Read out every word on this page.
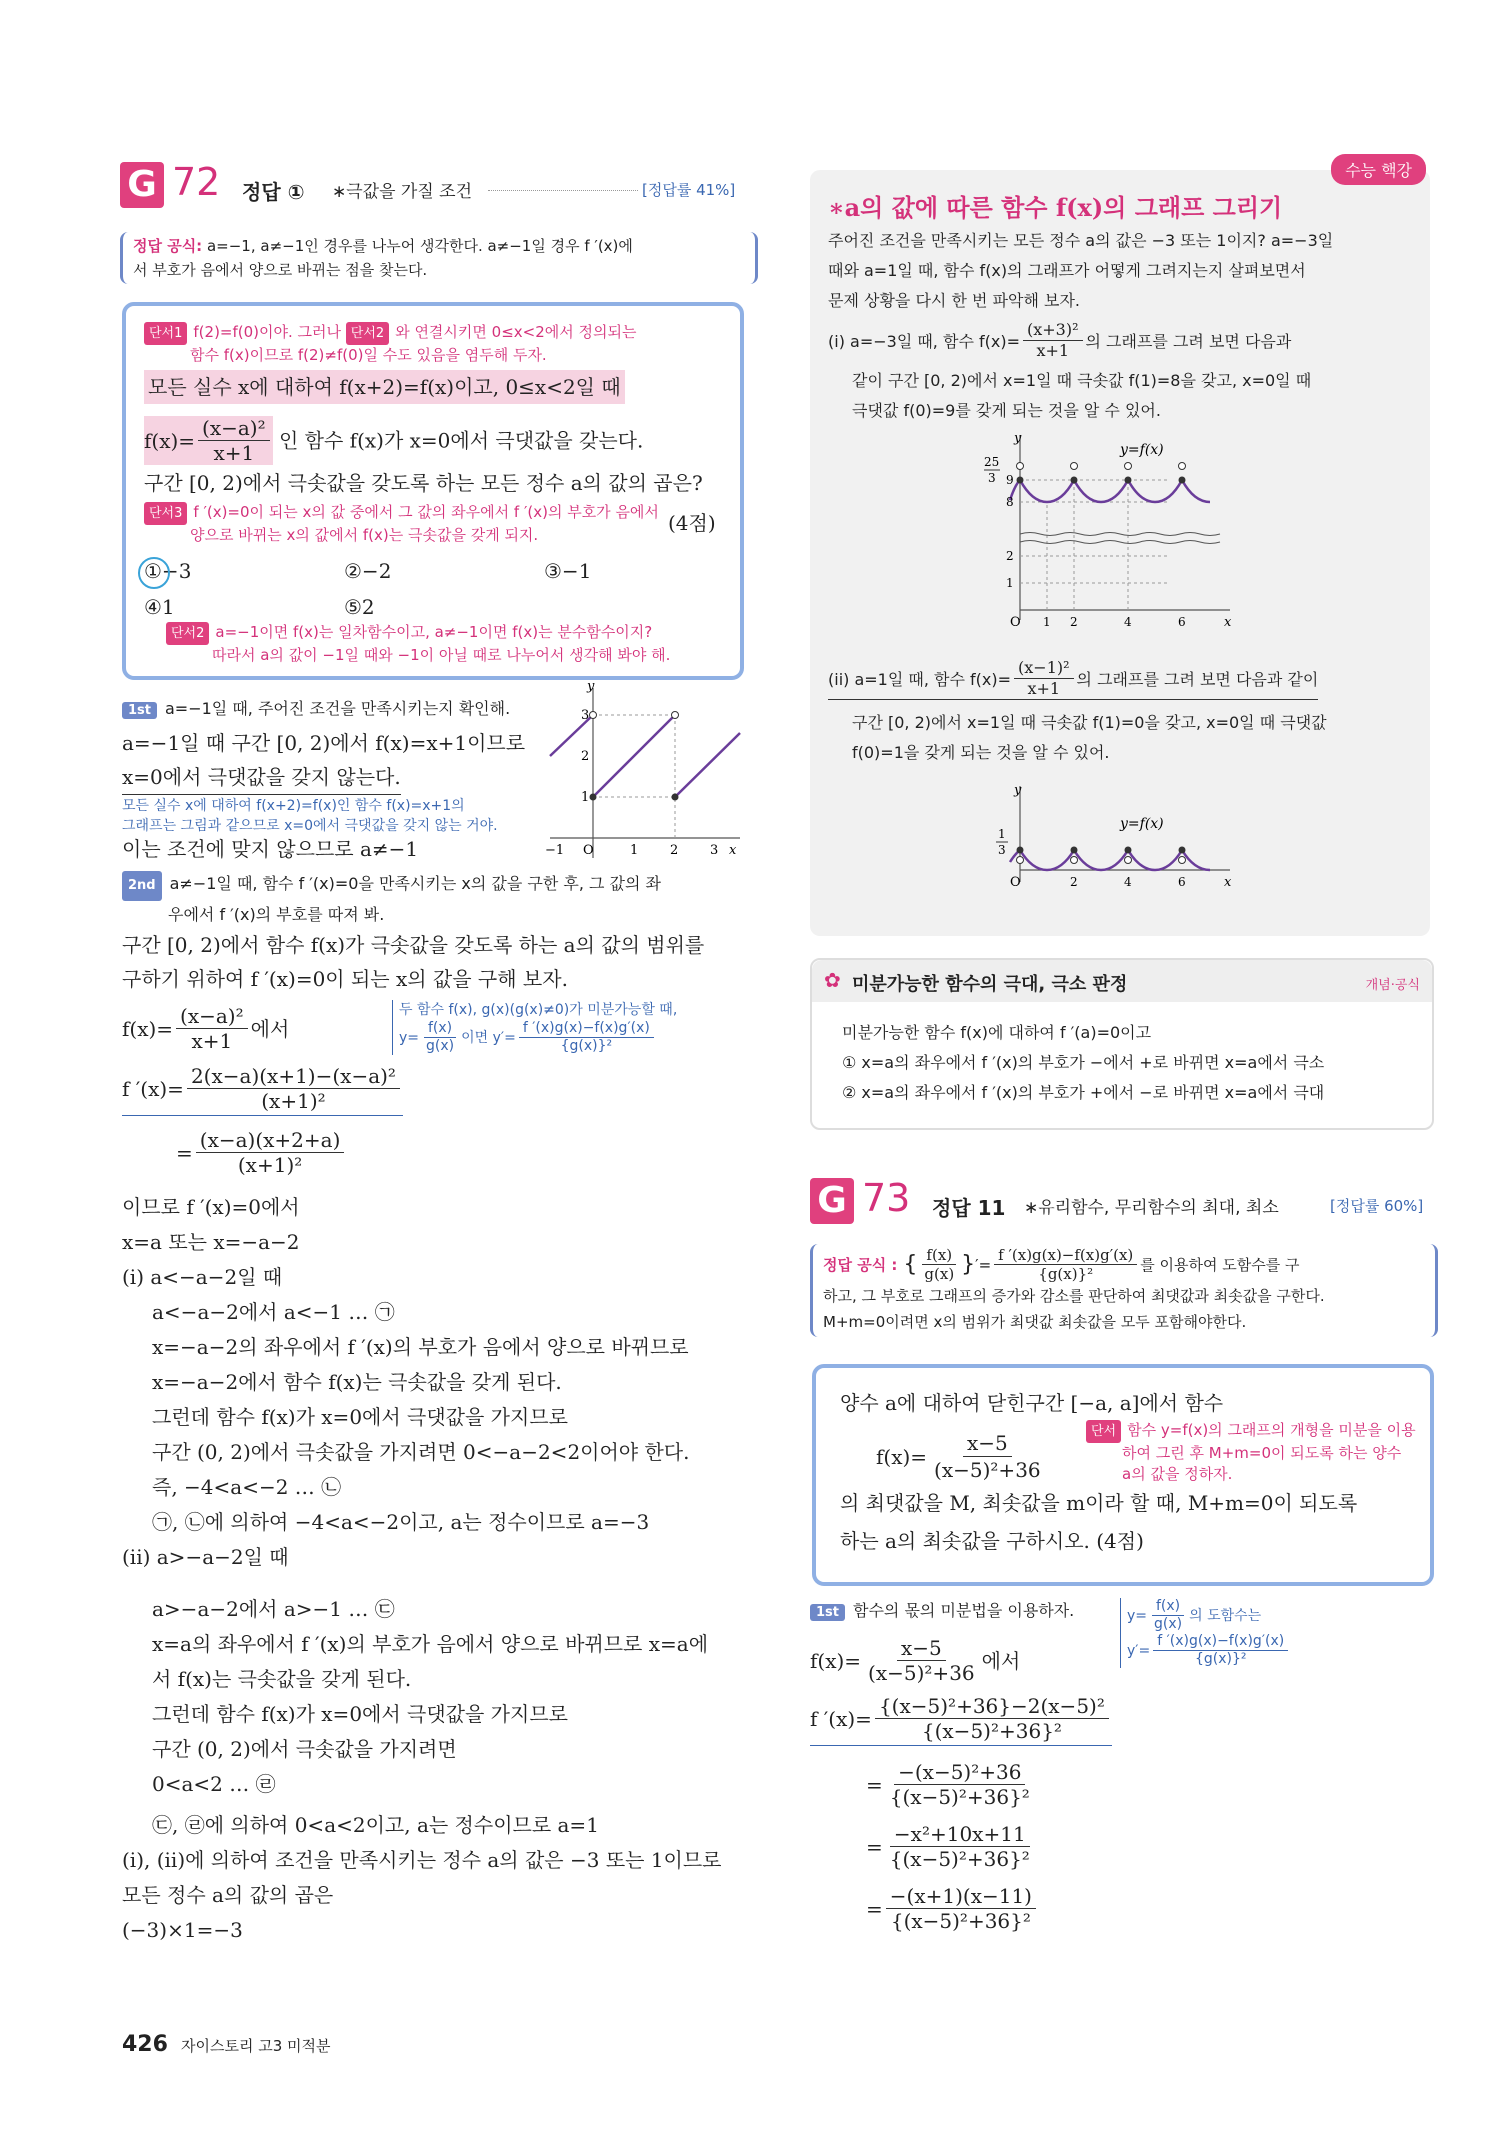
G 72 정답 ① ∗극값을 가질 조건	[정답률 41%]
정답 공식: a=−1, a≠−1인 경우를 나누어 생각한다. a≠−1일 경우 f ′(x)에
서 부호가 음에서 양으로 바뀌는 점을 찾는다.
단서1 f(2)=f(0)이야. 그러나 단서2 와 연결시키면 0≤x<2에서 정의되는
함수 f(x)이므로 f(2)≠f(0)일 수도 있음을 염두해 두자.
모든 실수 x에 대하여 f(x+2)=f(x)이고, 0≤x<2일 때
$f(x)= \frac{\text{(x−a)²}}{x+1}$ 인 함수 f(x)가 x=0에서 극댓값을 갖는다.
구간 [0, 2)에서 극솟값을 갖도록 하는 모든 정수 a의 값의 곱은?
단서3 f ′(x)=0이 되는 x의 값 중에서 그 값의 좌우에서 f ′(x)의 부호가 음에서
양으로 바뀌는 x의 값에서 f(x)는 극솟값을 갖게 되지.	(4점)
①−3	②−2	③−1
④1	⑤2
단서2 a=−1이면 f(x)는 일차함수이고, a≠−1이면 f(x)는 분수함수이지?
따라서 a의 값이 −1일 때와 −1이 아닐 때로 나누어서 생각해 봐야 해.
1st a=−1일 때, 주어진 조건을 만족시키는지 확인해.
a=−1일 때 구간 [0, 2)에서 f(x)=x+1이므로
x=0에서 극댓값을 갖지 않는다.
모든 실수 x에 대하여 f(x+2)=f(x)인 함수 f(x)=x+1의
그래프는 그림과 같으므로 x=0에서 극댓값을 갖지 않는 거야.
이는 조건에 맞지 않으므로 a≠−1
y
x
−1 O	1 2 3
1
2
3
2nd a≠−1일 때, 함수 f ′(x)=0을 만족시키는 x의 값을 구한 후, 그 값의 좌
우에서 f ′(x)의 부호를 따져 봐.
구간 [0, 2)에서 함수 f(x)가 극솟값을 갖도록 하는 a의 값의 범위를
구하기 위하여 f ′(x)=0이 되는 x의 값을 구해 보자.
$f(x)= \frac{\text{(x−a)²}}{x+1}$ 에서
두 함수 f(x), g(x)(g(x)≠0)가 미분가능할 때,

$y= \frac{f(x)}{g(x)}$ 이면 $y'= \frac{f '(x)g(x)-f(x)g'(x)}{\text{\{g(x)\}²}}$
f $'(x)= \frac{\text{2(x−a)(x+1)−(x−a)²}}{\text{(x+1)²}}$
= $\frac{(x-a)(x+2+a)}{\text{(x+1)²}}$
이므로 f ′(x)=0에서
x=a 또는 x=−a−2
(i) a<−a−2일 때
a<−a−2에서 a<−1 … ㉠
x=−a−2의 좌우에서 f ′(x)의 부호가 음에서 양으로 바뀌므로
x=−a−2에서 함수 f(x)는 극솟값을 갖게 된다.
그런데 함수 f(x)가 x=0에서 극댓값을 가지므로
구간 (0, 2)에서 극솟값을 가지려면 0<−a−2<2이어야 한다.
즉, −4<a<−2 … ㉡
㉠, ㉡에 의하여 −4<a<−2이고, a는 정수이므로 a=−3
(ii) a>−a−2일 때
a>−a−2에서 a>−1 … ㉢
x=a의 좌우에서 f ′(x)의 부호가 음에서 양으로 바뀌므로 x=a에
서 f(x)는 극솟값을 갖게 된다.
그런데 함수 f(x)가 x=0에서 극댓값을 가지므로
구간 (0, 2)에서 극솟값을 가지려면
0<a<2 … ㉣
㉢, ㉣에 의하여 0<a<2이고, a는 정수이므로 a=1
(i), (ii)에 의하여 조건을 만족시키는 정수 a의 값은 −3 또는 1이므로
모든 정수 a의 값의 곱은
(−3)×1=−3
426 자이스토리 고3 미적분
수능 핵강
∗a의 값에 따른 함수 f(x)의 그래프 그리기
주어진 조건을 만족시키는 모든 정수 a의 값은 −3 또는 1이지? a=−3일
때와 a=1일 때, 함수 f(x)의 그래프가 어떻게 그려지는지 살펴보면서
문제 상황을 다시 한 번 파악해 보자.
(i) a=−3일 때, 함수 $f(x)= \frac{\text{(x+3)²}}{x+1}$ 의 그래프를 그려 보면 다음과
같이 구간 [0, 2)에서 x=1일 때 극솟값 f(1)=8을 갖고, x=0일 때
극댓값 f(0)=9를 갖게 되는 것을 알 수 있어.
y
x
y=f(x)
25
3 9
8
2
1
O 1 2	4	6
(ii) a=1일 때, 함수 $f(x)= \frac{\text{(x−1)²}}{x+1}$ 의 그래프를 그려 보면 다음과 같이
구간 [0, 2)에서 x=1일 때 극솟값 f(1)=0을 갖고, x=0일 때 극댓값
f(0)=1을 갖게 되는 것을 알 수 있어.
y
x
y=f(x)
1
3
O	2	4	6
✿ 미분가능한 함수의 극대, 극소 판정	개념·공식
미분가능한 함수 f(x)에 대하여 f ′(a)=0이고
① x=a의 좌우에서 f ′(x)의 부호가 −에서 +로 바뀌면 x=a에서 극소
② x=a의 좌우에서 f ′(x)의 부호가 +에서 −로 바뀌면 x=a에서 극대
G 73 정답 11 ∗유리함수, 무리함수의 최대, 최소	[정답률 60%]
정답 공식 : { $\frac{f(x)}{g(x)}$ } ′= $\frac{f '(x)g(x)-f(x)g'(x)}{\text{\{g(x)\}²}}$ 를 이용하여 도함수를 구
하고, 그 부호로 그래프의 증가와 감소를 판단하여 최댓값과 최솟값을 구한다.
M+m=0이려면 x의 범위가 최댓값 최솟값을 모두 포함해야한다.
양수 a에 대하여 닫힌구간 [−a, a]에서 함수
$f(x)= \frac{x-5}{\text{(x−5)²+36}}$	단서 함수 y=f(x)의 그래프의 개형을 미분을 이용
하여 그린 후 M+m=0이 되도록 하는 양수
a의 값을 정하자.
의 최댓값을 M, 최솟값을 m이라 할 때, M+m=0이 되도록
하는 a의 최솟값을 구하시오. (4점)
1st 함수의 몫의 미분법을 이용하자.	$y= \frac{f(x)}{g(x)}$ 의 도함수는

$y'= \frac{f '(x)g(x)-f(x)g'(x)}{\text{\{g(x)\}²}}$
$f(x)= \frac{x-5}{\text{(x−5)²+36}}$ 에서
f $'(x)= \frac{\text{\{(x−5)²+36\}−2(x−5)²}}{\text{\{(x−5)²+36\}²}}$
= $\frac{\text{−(x−5)²+36}}{\text{\{(x−5)²+36\}²}}$
= $\frac{\text{−x²+10x+11}}{\text{\{(x−5)²+36\}²}}$
= $\frac{-(x+1)(x-11)}{\text{\{(x−5)²+36\}²}}$
